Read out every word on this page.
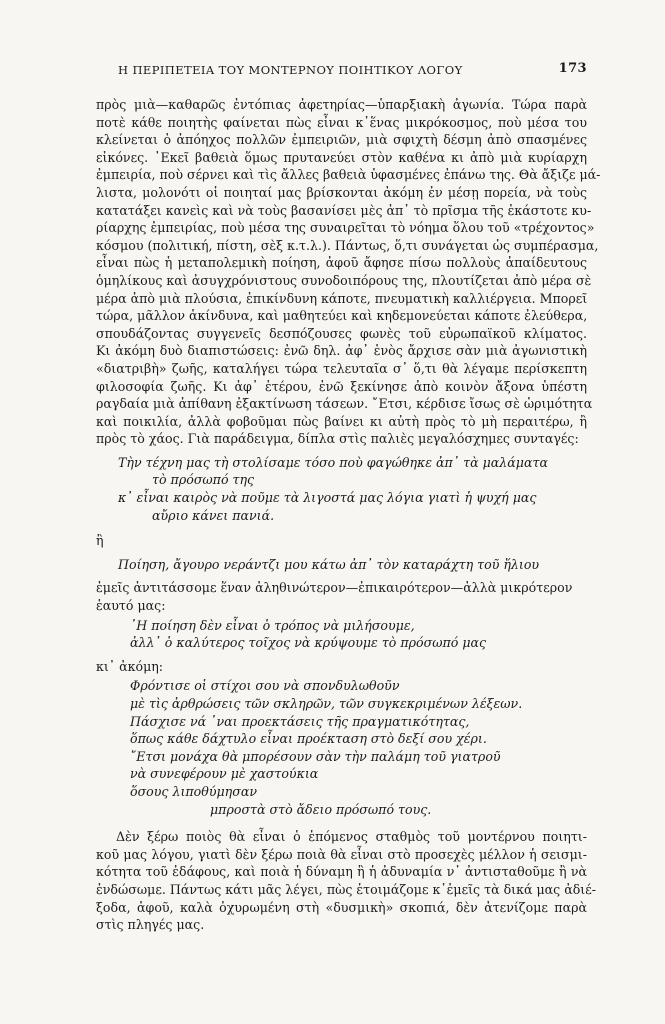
Η ΠΕΡΙΠΕΤΕΙΑ ΤΟΥ ΜΟΝΤΕΡΝΟΥ ΠΟΙΗΤΙΚΟΥ ΛΟΓΟΥ	173

πρὸς μιὰ—καθαρῶς ἐντόπιας ἀφετηρίας—ὑπαρξιακὴ ἀγωνία. Τώρα παρὰ

ποτὲ κάθε ποιητὴς φαίνεται πὼς εἶναι κ᾿ἕνας μικρόκοσμος, ποὺ μέσα του

κλείνεται ὁ ἀπόηχος πολλῶν ἐμπειριῶν, μιὰ σφιχτὴ δέσμη ἀπὸ σπασμένες

εἰκόνες. ᾿Εκεῖ βαθειὰ ὅμως πρυτανεύει στὸν καθένα κι ἀπὸ μιὰ κυρίαρχη

ἐμπειρία, ποὺ σέρνει καὶ τὶς ἄλλες βαθειὰ ὑφασμένες ἐπάνω της. Θὰ ἄξιζε μά-

λιστα, μολονότι οἱ ποιηταί μας βρίσκονται ἀκόμη ἐν μέσῃ πορεία, νὰ τοὺς

κατατάξει κανεὶς καὶ νὰ τοὺς βασανίσει μὲς ἀπ᾿ τὸ πρῖσμα τῆς ἑκάστοτε κυ-

ρίαρχης ἐμπειρίας, ποὺ μέσα της συναιρεῖται τὸ νόημα ὅλου τοῦ «τρέχοντος»

κόσμου (πολιτική, πίστη, σὲξ κ.τ.λ.). Πάντως, ὅ,τι συνάγεται ὡς συμπέρασμα,

εἶναι πὼς ἡ μεταπολεμικὴ ποίηση, ἀφοῦ ἄφησε πίσω πολλοὺς ἀπαίδευτους

ὁμηλίκους καὶ ἀσυγχρόνιστους συνοδοιπόρους της, πλουτίζεται ἀπὸ μέρα σὲ

μέρα ἀπὸ μιὰ πλούσια, ἐπικίνδυνη κάποτε, πνευματικὴ καλλιέργεια. Μπορεῖ

τώρα, μᾶλλον ἀκίνδυνα, καὶ μαθητεύει καὶ κηδεμονεύεται κάποτε ἐλεύθερα,

σπουδάζοντας συγγενεῖς δεσπόζουσες φωνὲς τοῦ εὐρωπαϊκοῦ κλίματος.

Κι ἀκόμη δυὸ διαπιστώσεις: ἐνῶ δηλ. ἀφ᾿ ἑνὸς ἄρχισε σὰν μιὰ ἀγωνιστικὴ

«διατριβὴ» ζωῆς, καταλήγει τώρα τελευταῖα σ᾿ ὅ,τι θὰ λέγαμε περίσκεπτη

φιλοσοφία ζωῆς. Κι ἀφ᾿ ἑτέρου, ἐνῶ ξεκίνησε ἀπὸ κοινὸν ἄξονα ὑπέστη

ραγδαία μιὰ ἀπίθανη ἐξακτίνωση τάσεων. ῎Ετσι, κέρδισε ἴσως σὲ ὡριμότητα

καὶ ποικιλία, ἀλλὰ φοβοῦμαι πὼς βαίνει κι αὐτὴ πρὸς τὸ μὴ περαιτέρω, ἢ

πρὸς τὸ χάος. Γιὰ παράδειγμα, δίπλα στὶς παλιὲς μεγαλόσχημες συνταγές:

Τὴν τέχνη μας τὴ στολίσαμε τόσο ποὺ φαγώθηκε ἀπ᾿ τὰ μαλάματα

τὸ πρόσωπό της

κ᾿ εἶναι καιρὸς νὰ ποῦμε τὰ λιγοστά μας λόγια γιατὶ ἡ ψυχή μας

αὔριο κάνει πανιά.

ἢ

Ποίηση, ἄγουρο νεράντζι μου κάτω ἀπ᾿ τὸν καταράχτη τοῦ ἥλιου

ἐμεῖς ἀντιτάσσομε ἕναν ἀληθινώτερον—ἐπικαιρότερον—ἀλλὰ μικρότερον

ἑαυτό μας:

᾿Η ποίηση δὲν εἶναι ὁ τρόπος νὰ μιλήσουμε,

ἀλλ᾿ ὁ καλύτερος τοῖχος νὰ κρύψουμε τὸ πρόσωπό μας

κι᾿ ἀκόμη:

Φρόντισε οἱ στίχοι σου νὰ σπονδυλωθοῦν

μὲ τὶς ἀρθρώσεις τῶν σκληρῶν, τῶν συγκεκριμένων λέξεων.

Πάσχισε νά ῾ναι προεκτάσεις τῆς πραγματικότητας,

ὅπως κάθε δάχτυλο εἶναι προέκταση στὸ δεξί σου χέρι.

῎Ετσι μονάχα θὰ μπορέσουν σὰν τὴν παλάμη τοῦ γιατροῦ

νὰ συνεφέρουν μὲ χαστούκια

ὅσους λιποθύμησαν

μπροστὰ στὸ ἄδειο πρόσωπό τους.

Δὲν ξέρω ποιὸς θὰ εἶναι ὁ ἑπόμενος σταθμὸς τοῦ μοντέρνου ποιητι-

κοῦ μας λόγου, γιατὶ δὲν ξέρω ποιὰ θὰ εἶναι στὸ προσεχὲς μέλλον ἡ σεισμι-

κότητα τοῦ ἐδάφους, καὶ ποιὰ ἡ δύναμη ἢ ἡ ἀδυναμία ν᾿ ἀντισταθοῦμε ἢ νὰ

ἐνδώσωμε. Πάντως κάτι μᾶς λέγει, πὼς ἑτοιμάζομε κ᾿ἐμεῖς τὰ δικά μας ἀδιέ-

ξοδα, ἀφοῦ, καλὰ ὀχυρωμένη στὴ «δυσμικὴ» σκοπιά, δὲν ἀτενίζομε παρὰ

στὶς πληγές μας.
